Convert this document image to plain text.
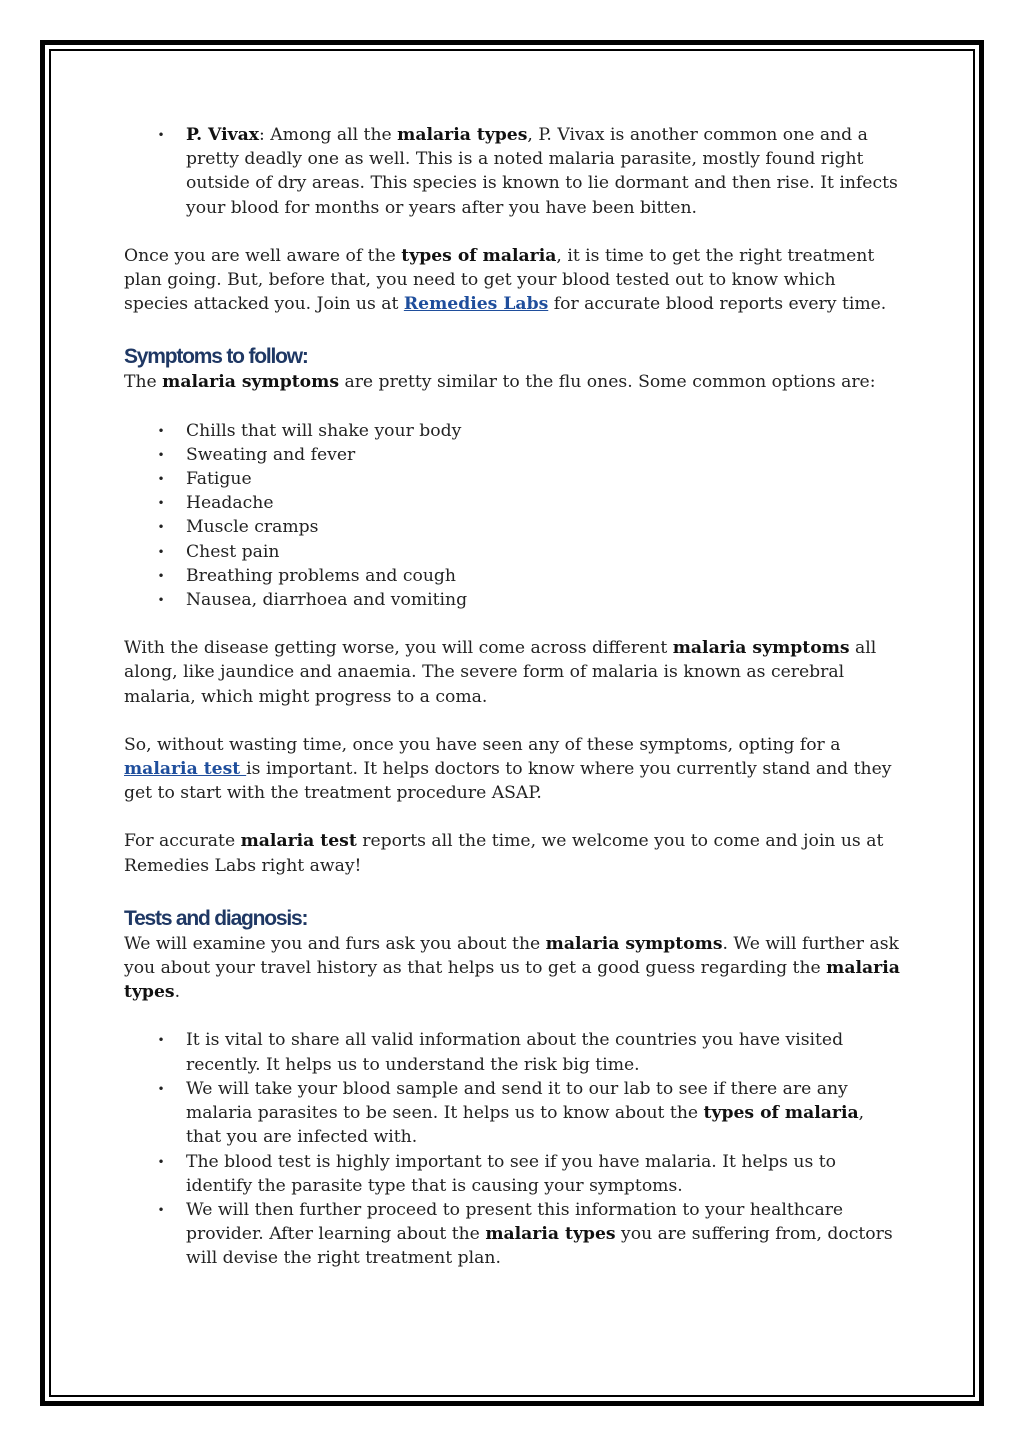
• P. Vivax: Among all the malaria types, P. Vivax is another common one and a pretty deadly one as well. This is a noted malaria parasite, mostly found right outside of dry areas. This species is known to lie dormant and then rise. It infects your blood for months or years after you have been bitten.

Once you are well aware of the types of malaria, it is time to get the right treatment plan going. But, before that, you need to get your blood tested out to know which species attacked you. Join us at Remedies Labs for accurate blood reports every time.

Symptoms to follow:

The malaria symptoms are pretty similar to the flu ones. Some common options are:

• Chills that will shake your body
• Sweating and fever
• Fatigue
• Headache
• Muscle cramps
• Chest pain
• Breathing problems and cough
• Nausea, diarrhoea and vomiting

With the disease getting worse, you will come across different malaria symptoms all along, like jaundice and anaemia. The severe form of malaria is known as cerebral malaria, which might progress to a coma.

So, without wasting time, once you have seen any of these symptoms, opting for a malaria test is important. It helps doctors to know where you currently stand and they get to start with the treatment procedure ASAP.

For accurate malaria test reports all the time, we welcome you to come and join us at Remedies Labs right away!

Tests and diagnosis:

We will examine you and furs ask you about the malaria symptoms. We will further ask you about your travel history as that helps us to get a good guess regarding the malaria types.

• It is vital to share all valid information about the countries you have visited recently. It helps us to understand the risk big time.
• We will take your blood sample and send it to our lab to see if there are any malaria parasites to be seen. It helps us to know about the types of malaria, that you are infected with.
• The blood test is highly important to see if you have malaria. It helps us to identify the parasite type that is causing your symptoms.
• We will then further proceed to present this information to your healthcare provider. After learning about the malaria types you are suffering from, doctors will devise the right treatment plan.
